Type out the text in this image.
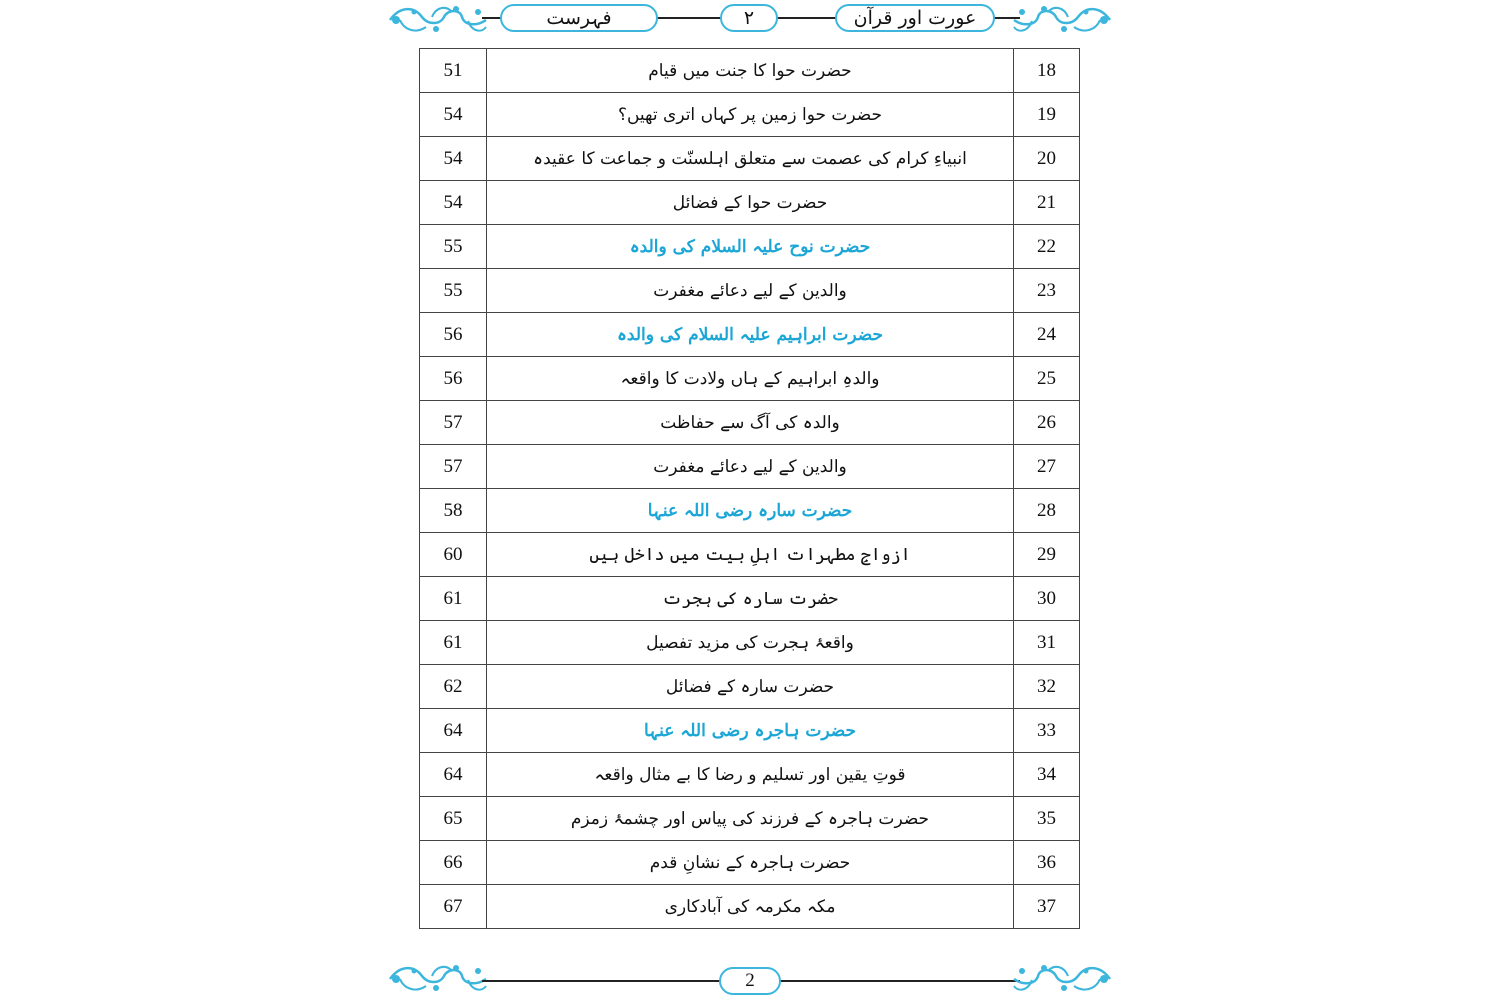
فہرست	۲	عورت اور قرآن
18	حضرت حوا کا جنت میں قیام	51
19	حضرت حوا زمین پر کہاں اتری تھیں؟	54
20	انبیاءِ کرام کی عصمت سے متعلق اہلسنّت و جماعت کا عقیدہ	54
21	حضرت حوا کے فضائل	54
22	حضرت نوح علیہ السلام کی والدہ	55
23	والدین کے لیے دعائے مغفرت	55
24	حضرت ابراہیم علیہ السلام کی والدہ	56
25	والدہِ ابراہیم کے ہاں ولادت کا واقعہ	56
26	والدہ کی آگ سے حفاظت	57
27	والدین کے لیے دعائے مغفرت	57
28	حضرت سارہ رضی اللہ عنہا	58
29	ازواجِ مطہرات اہلِ بیت میں داخل ہیں	60
30	حضرت سارہ کی ہجرت	61
31	واقعۂ ہجرت کی مزید تفصیل	61
32	حضرت سارہ کے فضائل	62
33	حضرت ہاجرہ رضی اللہ عنہا	64
34	قوتِ یقین اور تسلیم و رضا کا بے مثال واقعہ	64
35	حضرت ہاجرہ کے فرزند کی پیاس اور چشمۂ زمزم	65
36	حضرت ہاجرہ کے نشانِ قدم	66
37	مکہ مکرمہ کی آبادکاری	67
2
